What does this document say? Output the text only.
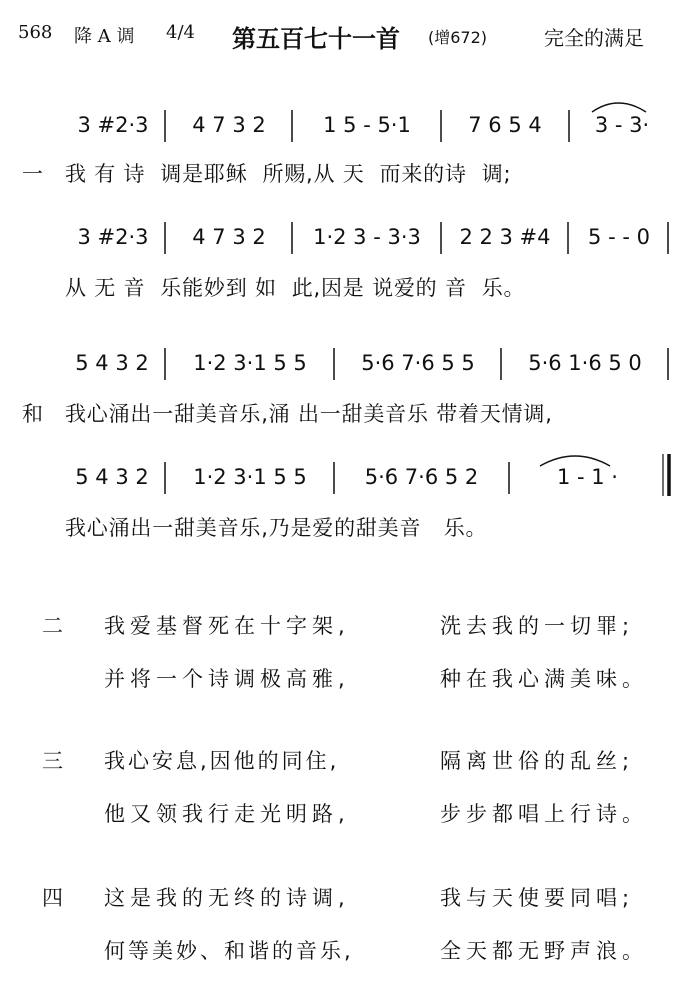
568 降 A 调 4/4 第五百七十一首 (增672)	完全的满足
3 #2·3	4 7 3 2	1 5 - 5·1	7 6 5 4	3 - 3·
一 我 有 诗  调是耶稣  所赐,从 天  而来的诗  调;
3 #2·3	4 7 3 2	1·2 3 - 3·3	2 2 3 #4	5 - - 0
从 无 音  乐能妙到 如  此,因是 说爱的 音  乐。
5 4 3 2	1·2 3·1 5 5	5·6 7·6 5 5	5·6 1·6 5 0
和 我心涌出一甜美音乐,涌 出一甜美音乐 带着天情调,
5 4 3 2	1·2 3·1 5 5	5·6 7·6 5 2	1 - 1 ·
我心涌出一甜美音乐,乃是爱的甜美音   乐。
二 我爱基督死在十字架,	洗去我的一切罪;
并将一个诗调极高雅,	种在我心满美味。
三 我心安息,因他的同住,	隔离世俗的乱丝;
他又领我行走光明路,	步步都唱上行诗。
四 这是我的无终的诗调,	我与天使要同唱;
何等美妙、和谐的音乐,	全天都无野声浪。
